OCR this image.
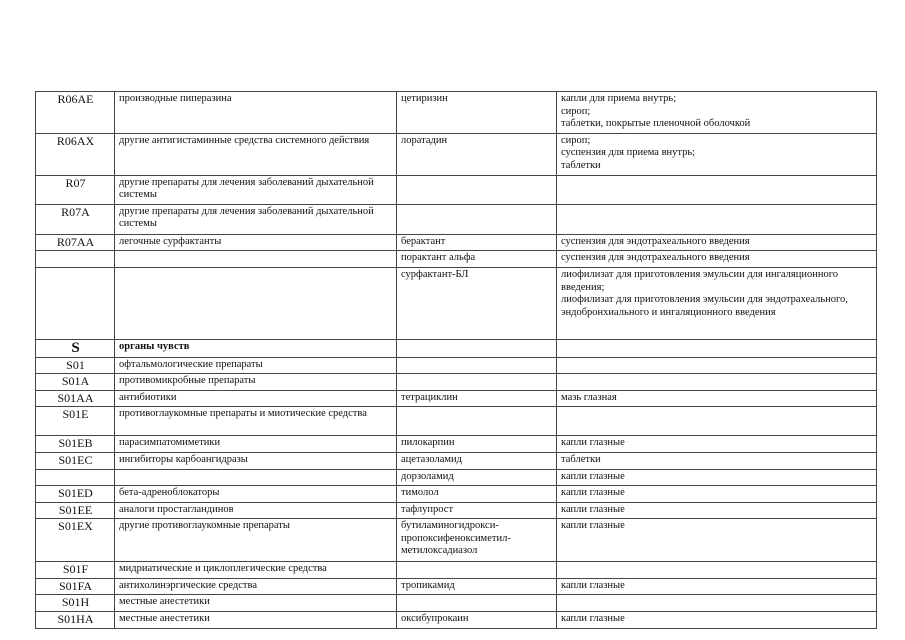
R06AE	производные пиперазина	цетиризин	капли для приема внутрь;
сироп;
таблетки, покрытые пленочной оболочкой

R06AX	другие антигистаминные средства системного действия	лоратадин	сироп;
суспензия для приема внутрь;
таблетки

R07	другие препараты для лечения заболеваний дыхательной системы		
R07A	другие препараты для лечения заболеваний дыхательной системы		
R07AA	легочные сурфактанты	берактант	суспензия для эндотрахеального введения

		порактант альфа	суспензия для эндотрахеального введения

		сурфактант-БЛ	лиофилизат для приготовления эмульсии для ингаляционного введения;
лиофилизат для приготовления эмульсии для эндотрахеального, эндобронхиального и ингаляционного введения

S	органы чувств		
S01	офтальмологические препараты		
S01A	противомикробные препараты		
S01AA	антибиотики	тетрациклин	мазь глазная

S01E	противоглаукомные препараты и миотические средства		
S01EB	парасимпатомиметики	пилокарпин	капли глазные

S01EC	ингибиторы карбоангидразы	ацетазоламид	таблетки

		дорзоламид	капли глазные

S01ED	бета-адреноблокаторы	тимолол	капли глазные

S01EE	аналоги простагландинов	тафлупрост	капли глазные

S01EX	другие противоглаукомные препараты	бутиламиногидрокси-пропоксифеноксиметил-метилоксадиазол	капли глазные

S01F	мидриатические и циклоплегические средства		
S01FA	антихолинэргические средства	тропикамид	капли глазные

S01H	местные анестетики		
S01HA	местные анестетики	оксибупрокаин	капли глазные
